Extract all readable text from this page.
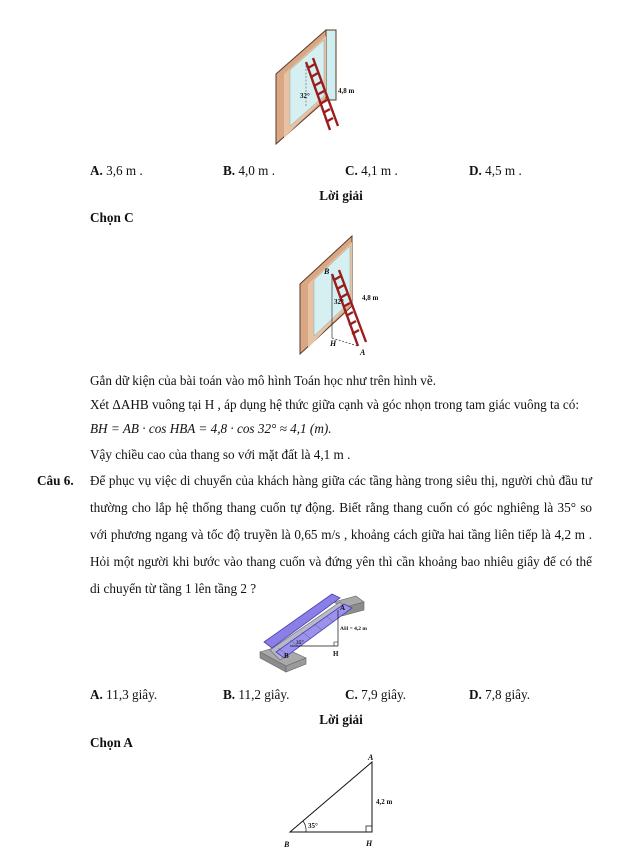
32°
4,8 m
A. 3,6 m .	B. 4,0 m .	C. 4,1 m .	D. 4,5 m .
Lời giải
Chọn C
B
32°	4,8 m
H
A
Gắn dữ kiện của bài toán vào mô hình Toán học như trên hình vẽ.
Xét ΔAHB vuông tại H , áp dụng hệ thức giữa cạnh và góc nhọn trong tam giác vuông ta có:
BH = AB · cos HBA = 4,8 · cos 32° ≈ 4,1 (m).
Vậy chiều cao của thang so với mặt đất là 4,1 m .
Câu 6. Để phục vụ việc di chuyển của khách hàng giữa các tầng hàng trong siêu thị, người chủ đầu tư thường cho lắp hệ thống thang cuốn tự động. Biết rằng thang cuốn có góc nghiêng là 35° so với phương ngang và tốc độ truyền là 0,65 m/s , khoảng cách giữa hai tầng liên tiếp là 4,2 m . Hỏi một người khi bước vào thang cuốn và đứng yên thì cần khoảng bao nhiêu giây để có thể di chuyển từ tầng 1 lên tầng 2 ?
A
AH = 4,2 m
35°
B	H
A. 11,3 giây.	B. 11,2 giây.	C. 7,9 giây.	D. 7,8 giây.
Lời giải
Chọn A
A
4,2 m
35°
B	H
